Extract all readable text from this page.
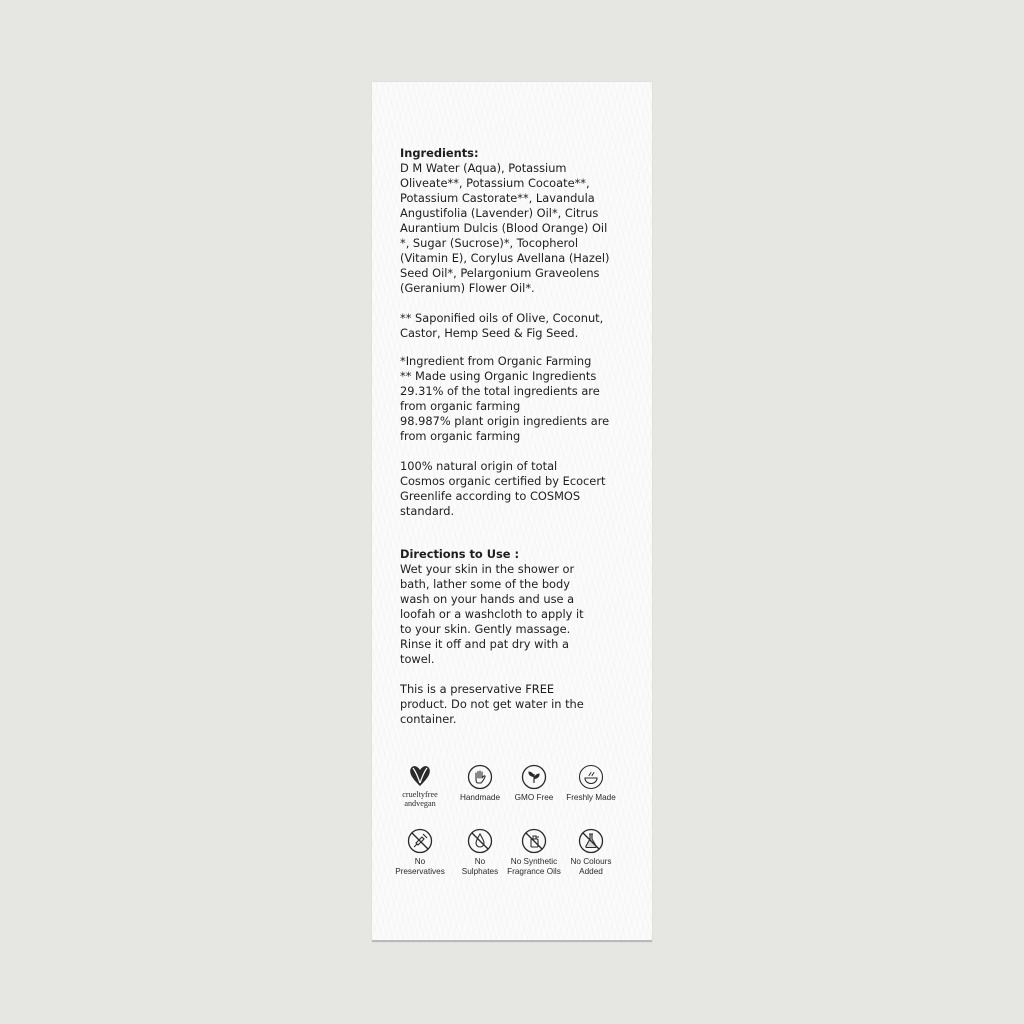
Ingredients:

D M Water (Aqua), Potassium
Oliveate**, Potassium Cocoate**,
Potassium Castorate**, Lavandula
Angustifolia (Lavender) Oil*, Citrus
Aurantium Dulcis (Blood Orange) Oil
*, Sugar (Sucrose)*, Tocopherol
(Vitamin E), Corylus Avellana (Hazel)
Seed Oil*, Pelargonium Graveolens
(Geranium) Flower Oil*.

** Saponified oils of Olive, Coconut,
Castor, Hemp Seed & Fig Seed.

*Ingredient from Organic Farming
** Made using Organic Ingredients
29.31% of the total ingredients are
from organic farming
98.987% plant origin ingredients are
from organic farming

100% natural origin of total
Cosmos organic certified by Ecocert
Greenlife according to COSMOS
standard.

Directions to Use :

Wet your skin in the shower or
bath, lather some of the body
wash on your hands and use a
loofah or a washcloth to apply it
to your skin. Gently massage.
Rinse it off and pat dry with a
towel.

This is a preservative FREE
product. Do not get water in the
container.

crueltyfree
andvegan
Handmade	GMO Free	Freshly Made
No
Preservatives
No
Sulphates
No Synthetic
Fragrance Oils
No Colours
Added
